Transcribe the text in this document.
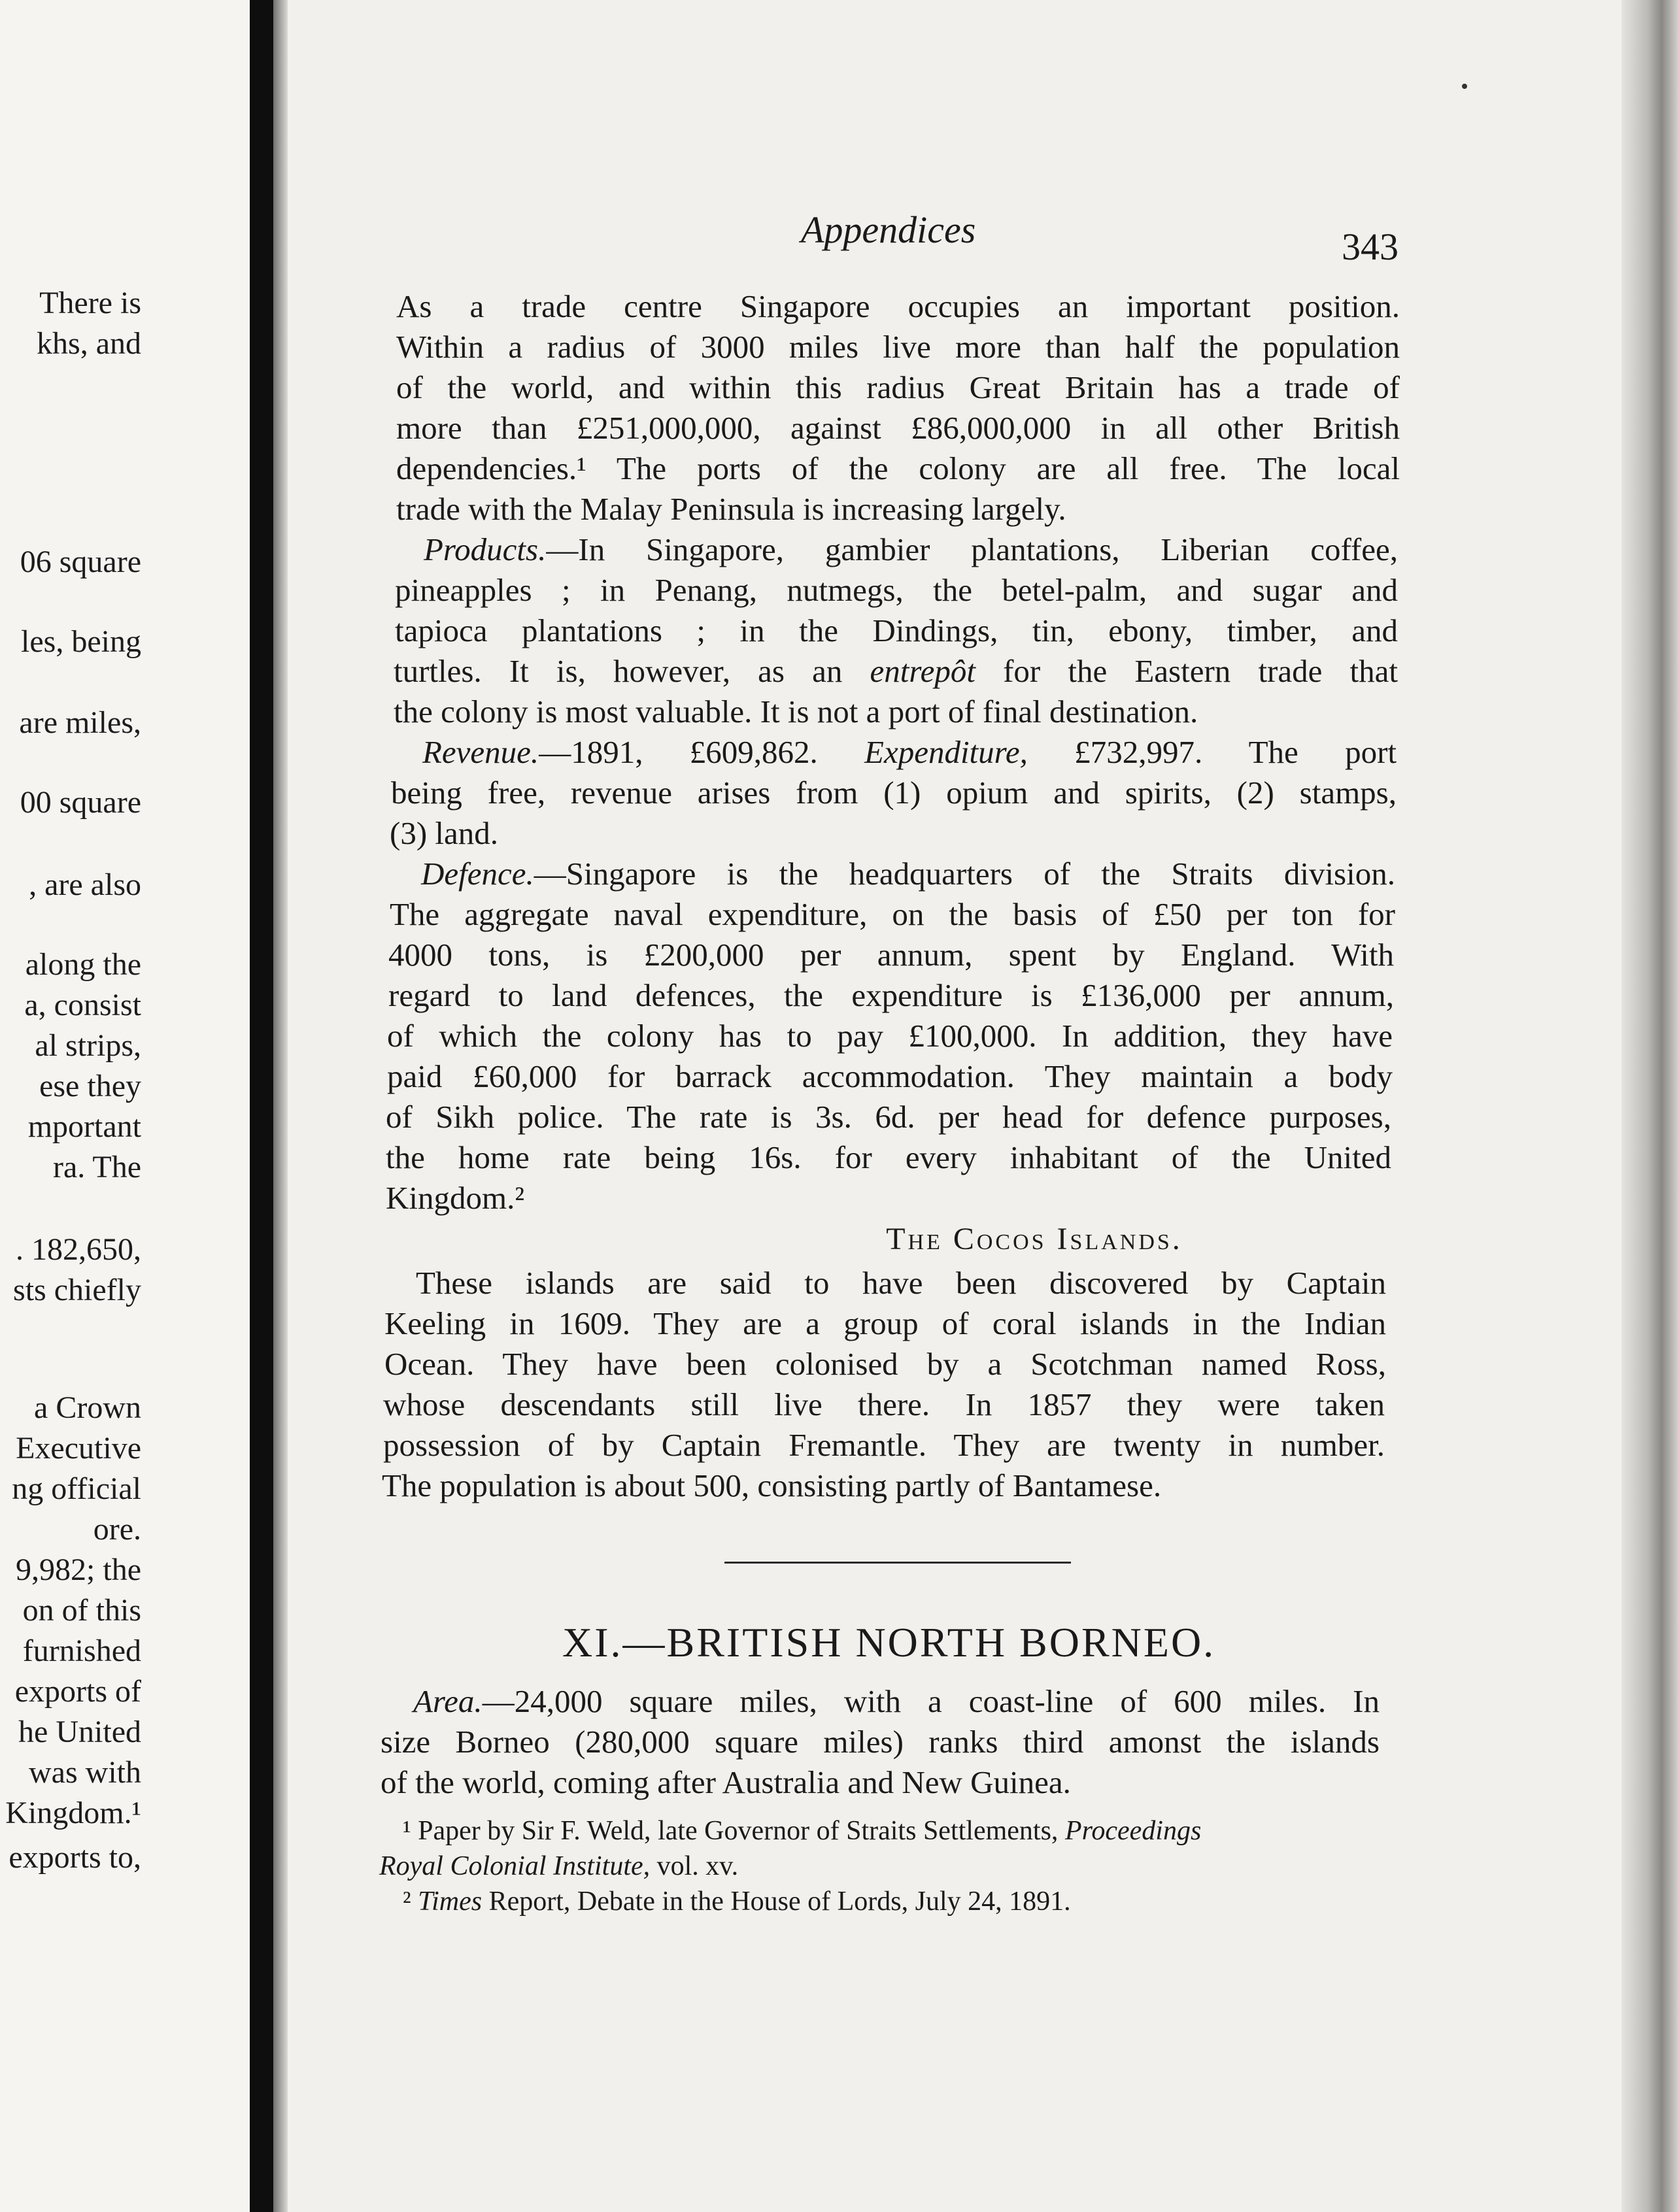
There is
khs, and
06 square
les, being
are miles,
00 square
, are also
along the
a, consist
al strips,
ese they
mportant
ra. The
. 182,650,
sts chiefly
a Crown
Executive
ng official
ore.
9,982; the
on of this
furnished
exports of
he United
was with
Kingdom.¹
exports to,
Appendices	343
As a trade centre Singapore occupies an important position.
Within a radius of 3000 miles live more than half the population
of the world, and within this radius Great Britain has a trade of
more than £251,000,000, against £86,000,000 in all other British
dependencies.¹ The ports of the colony are all free. The local
trade with the Malay Peninsula is increasing largely.
Products.—In Singapore, gambier plantations, Liberian coffee,
pineapples ; in Penang, nutmegs, the betel-palm, and sugar and
tapioca plantations ; in the Dindings, tin, ebony, timber, and
turtles. It is, however, as an entrepôt for the Eastern trade that
the colony is most valuable. It is not a port of final destination.
Revenue.—1891, £609,862. Expenditure, £732,997. The port
being free, revenue arises from (1) opium and spirits, (2) stamps,
(3) land.
Defence.—Singapore is the headquarters of the Straits division.
The aggregate naval expenditure, on the basis of £50 per ton for
4000 tons, is £200,000 per annum, spent by England. With
regard to land defences, the expenditure is £136,000 per annum,
of which the colony has to pay £100,000. In addition, they have
paid £60,000 for barrack accommodation. They maintain a body
of Sikh police. The rate is 3s. 6d. per head for defence purposes,
the home rate being 16s. for every inhabitant of the United
Kingdom.²
The Cocos Islands.
These islands are said to have been discovered by Captain
Keeling in 1609. They are a group of coral islands in the Indian
Ocean. They have been colonised by a Scotchman named Ross,
whose descendants still live there. In 1857 they were taken
possession of by Captain Fremantle. They are twenty in number.
The population is about 500, consisting partly of Bantamese.
XI.—BRITISH NORTH BORNEO.
Area.—24,000 square miles, with a coast-line of 600 miles. In
size Borneo (280,000 square miles) ranks third amonst the islands
of the world, coming after Australia and New Guinea.
¹ Paper by Sir F. Weld, late Governor of Straits Settlements, Proceedings
Royal Colonial Institute, vol. xv.
² Times Report, Debate in the House of Lords, July 24, 1891.
